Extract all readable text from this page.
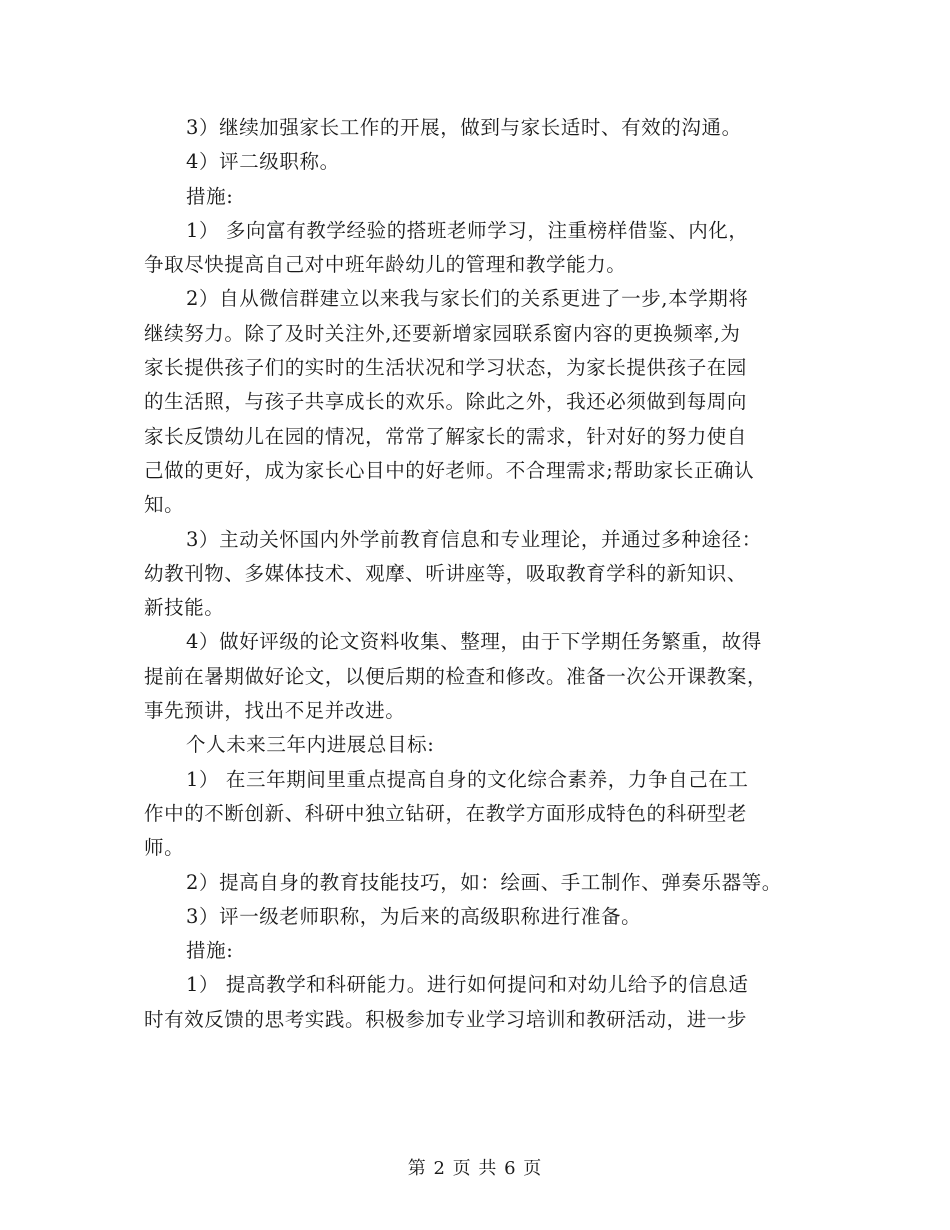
3）继续加强家长工作的开展，做到与家长适时、有效的沟通。
4）评二级职称。
措施:
1） 多向富有教学经验的搭班老师学习，注重榜样借鉴、内化，
争取尽快提高自己对中班年龄幼儿的管理和教学能力。
2）自从微信群建立以来我与家长们的关系更进了一步,本学期将
继续努力。除了及时关注外,还要新增家园联系窗内容的更换频率,为
家长提供孩子们的实时的生活状况和学习状态，为家长提供孩子在园
的生活照，与孩子共享成长的欢乐。除此之外，我还必须做到每周向
家长反馈幼儿在园的情况，常常了解家长的需求，针对好的努力使自
己做的更好，成为家长心目中的好老师。不合理需求;帮助家长正确认
知。
3）主动关怀国内外学前教育信息和专业理论，并通过多种途径：
幼教刊物、多媒体技术、观摩、听讲座等，吸取教育学科的新知识、
新技能。
4）做好评级的论文资料收集、整理，由于下学期任务繁重，故得
提前在暑期做好论文，以便后期的检查和修改。准备一次公开课教案，
事先预讲，找出不足并改进。
个人未来三年内进展总目标:
1） 在三年期间里重点提高自身的文化综合素养，力争自己在工
作中的不断创新、科研中独立钻研，在教学方面形成特色的科研型老
师。
2）提高自身的教育技能技巧，如：绘画、手工制作、弹奏乐器等。
3）评一级老师职称，为后来的高级职称进行准备。
措施:
1） 提高教学和科研能力。进行如何提问和对幼儿给予的信息适
时有效反馈的思考实践。积极参加专业学习培训和教研活动，进一步
第 2 页 共 6 页
